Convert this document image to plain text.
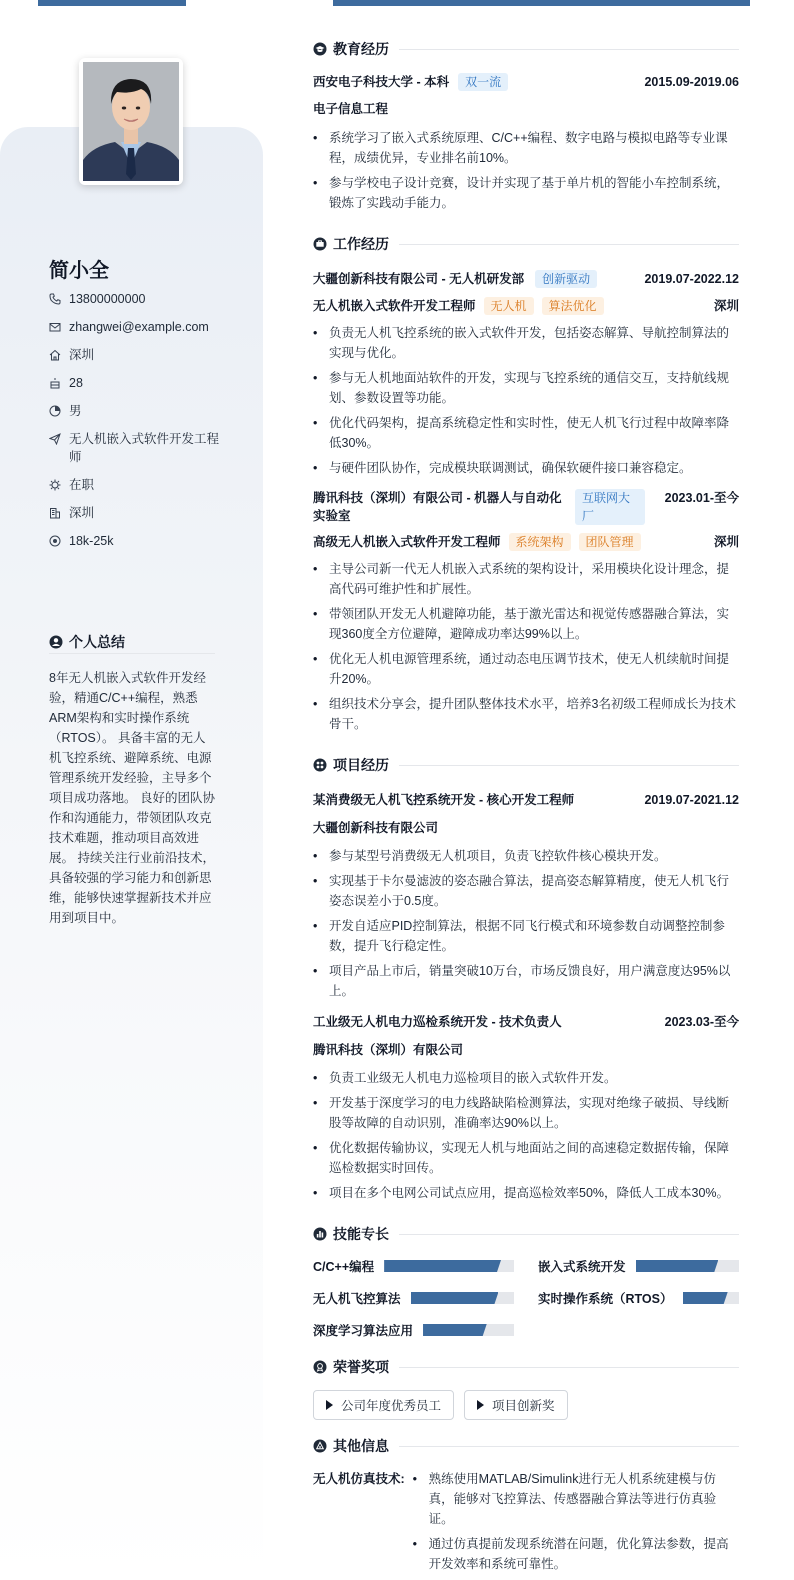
简小全
13800000000
zhangwei@example.com
深圳
28
男
无人机嵌入式软件开发工程师
在职
深圳
18k-25k
个人总结
8年无人机嵌入式软件开发经验，精通C/C++编程，熟悉ARM架构和实时操作系统（RTOS）。 具备丰富的无人机飞控系统、避障系统、电源管理系统开发经验，主导多个项目成功落地。 良好的团队协作和沟通能力，带领团队攻克技术难题，推动项目高效进展。 持续关注行业前沿技术，具备较强的学习能力和创新思维，能够快速掌握新技术并应用到项目中。
教育经历
西安电子科技大学 - 本科	双一流	2015.09-2019.06
电子信息工程
• 系统学习了嵌入式系统原理、C/C++编程、数字电路与模拟电路等专业课程，成绩优异，专业排名前10%。
• 参与学校电子设计竞赛，设计并实现了基于单片机的智能小车控制系统，锻炼了实践动手能力。
工作经历
大疆创新科技有限公司 - 无人机研发部	创新驱动	2019.07-2022.12
无人机嵌入式软件开发工程师	无人机	算法优化	深圳
• 负责无人机飞控系统的嵌入式软件开发，包括姿态解算、导航控制算法的实现与优化。
• 参与无人机地面站软件的开发，实现与飞控系统的通信交互，支持航线规划、参数设置等功能。
• 优化代码架构，提高系统稳定性和实时性，使无人机飞行过程中故障率降低30%。
• 与硬件团队协作，完成模块联调测试，确保软硬件接口兼容稳定。
腾讯科技（深圳）有限公司 - 机器人与自动化实验室
互联网大厂
2023.01-至今
高级无人机嵌入式软件开发工程师	系统架构	团队管理	深圳
• 主导公司新一代无人机嵌入式系统的架构设计，采用模块化设计理念，提高代码可维护性和扩展性。
• 带领团队开发无人机避障功能，基于激光雷达和视觉传感器融合算法，实现360度全方位避障，避障成功率达99%以上。
• 优化无人机电源管理系统，通过动态电压调节技术，使无人机续航时间提升20%。
• 组织技术分享会，提升团队整体技术水平，培养3名初级工程师成长为技术骨干。
项目经历
某消费级无人机飞控系统开发 - 核心开发工程师	2019.07-2021.12
大疆创新科技有限公司
• 参与某型号消费级无人机项目，负责飞控软件核心模块开发。
• 实现基于卡尔曼滤波的姿态融合算法，提高姿态解算精度，使无人机飞行姿态误差小于0.5度。
• 开发自适应PID控制算法，根据不同飞行模式和环境参数自动调整控制参数，提升飞行稳定性。
• 项目产品上市后，销量突破10万台，市场反馈良好，用户满意度达95%以上。
工业级无人机电力巡检系统开发 - 技术负责人	2023.03-至今
腾讯科技（深圳）有限公司
• 负责工业级无人机电力巡检项目的嵌入式软件开发。
• 开发基于深度学习的电力线路缺陷检测算法，实现对绝缘子破损、导线断股等故障的自动识别，准确率达90%以上。
• 优化数据传输协议，实现无人机与地面站之间的高速稳定数据传输，保障巡检数据实时回传。
• 项目在多个电网公司试点应用，提高巡检效率50%，降低人工成本30%。
技能专长
C/C++编程	嵌入式系统开发
无人机飞控算法	实时操作系统（RTOS）
深度学习算法应用
荣誉奖项
公司年度优秀员工	项目创新奖
其他信息
无人机仿真技术:
•	熟练使用MATLAB/Simulink进行无人机系统建模与仿真，能够对飞控算法、传感器融合算法等进行仿真验证。
• 通过仿真提前发现系统潜在问题，优化算法参数，提高开发效率和系统可靠性。
